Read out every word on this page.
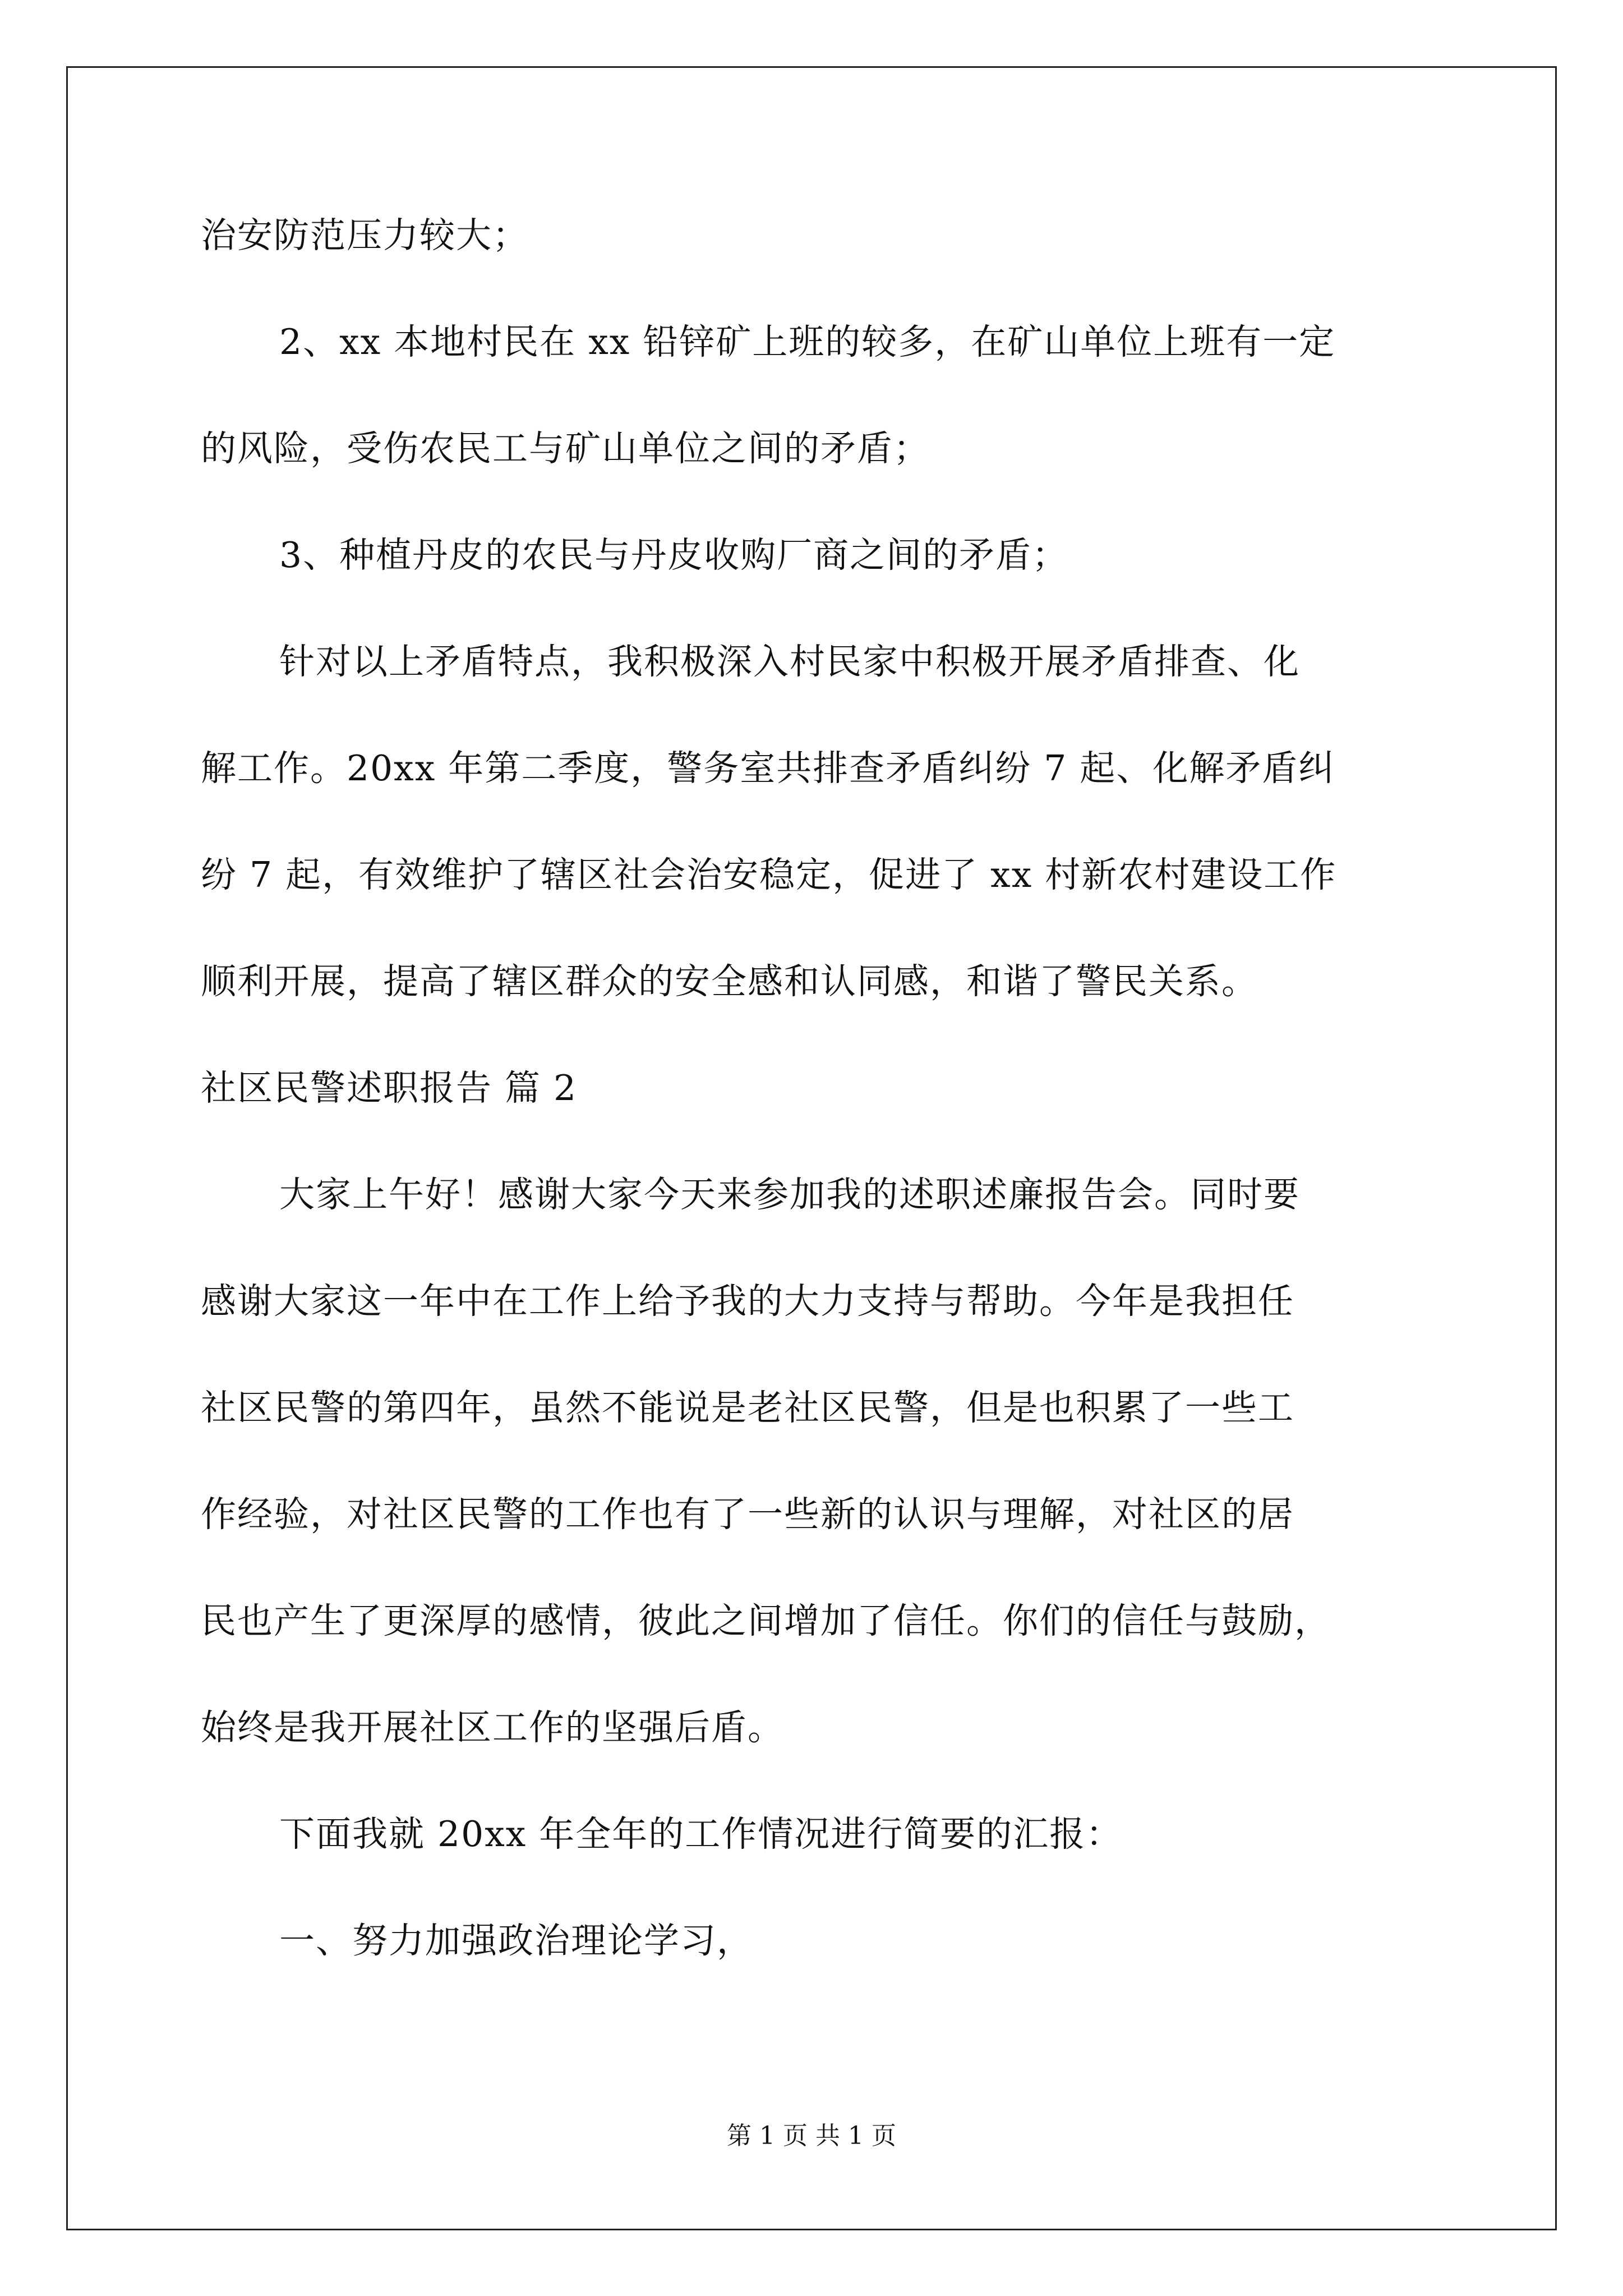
治安防范压力较大；
2、xx 本地村民在 xx 铅锌矿上班的较多，在矿山单位上班有一定
的风险，受伤农民工与矿山单位之间的矛盾；
3、种植丹皮的农民与丹皮收购厂商之间的矛盾；
针对以上矛盾特点，我积极深入村民家中积极开展矛盾排查、化
解工作。20xx 年第二季度，警务室共排查矛盾纠纷 7 起、化解矛盾纠
纷 7 起，有效维护了辖区社会治安稳定，促进了 xx 村新农村建设工作
顺利开展，提高了辖区群众的安全感和认同感，和谐了警民关系。
社区民警述职报告 篇 2
大家上午好！感谢大家今天来参加我的述职述廉报告会。同时要
感谢大家这一年中在工作上给予我的大力支持与帮助。今年是我担任
社区民警的第四年，虽然不能说是老社区民警，但是也积累了一些工
作经验，对社区民警的工作也有了一些新的认识与理解，对社区的居
民也产生了更深厚的感情，彼此之间增加了信任。你们的信任与鼓励，
始终是我开展社区工作的坚强后盾。
下面我就 20xx 年全年的工作情况进行简要的汇报：
一、努力加强政治理论学习，
第 1 页 共 1 页
